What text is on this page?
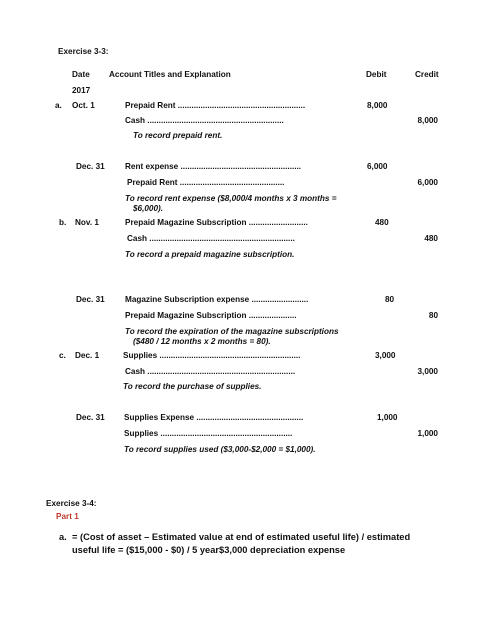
Exercise 3-3:
Date Account Titles and Explanation	Debit	Credit
2017
a. Oct. 1	Prepaid Rent ........................................................	8,000
Cash ............................................................	8,000
To record prepaid rent.
Dec. 31 Rent expense .....................................................	6,000
Prepaid Rent ..............................................	6,000
To record rent expense ($8,000/4 months x 3 months =
$6,000).
b. Nov. 1	Prepaid Magazine Subscription ..........................	480
Cash ................................................................	480
To record a prepaid magazine subscription.
Dec. 31 Magazine Subscription expense .........................	80
Prepaid Magazine Subscription .....................	80
To record the expiration of the magazine subscriptions
($480 / 12 months x 2 months = 80).
c. Dec. 1	Supplies ..............................................................	3,000
Cash .................................................................	3,000
To record the purchase of supplies.
Dec. 31 Supplies Expense ...............................................	1,000
Supplies ..........................................................	1,000
To record supplies used ($3,000-$2,000 = $1,000).
Exercise 3-4:
Part 1
a. = (Cost of asset – Estimated value at end of estimated useful life) / estimated
useful life = ($15,000 - $0) / 5 year$3,000 depreciation expense
